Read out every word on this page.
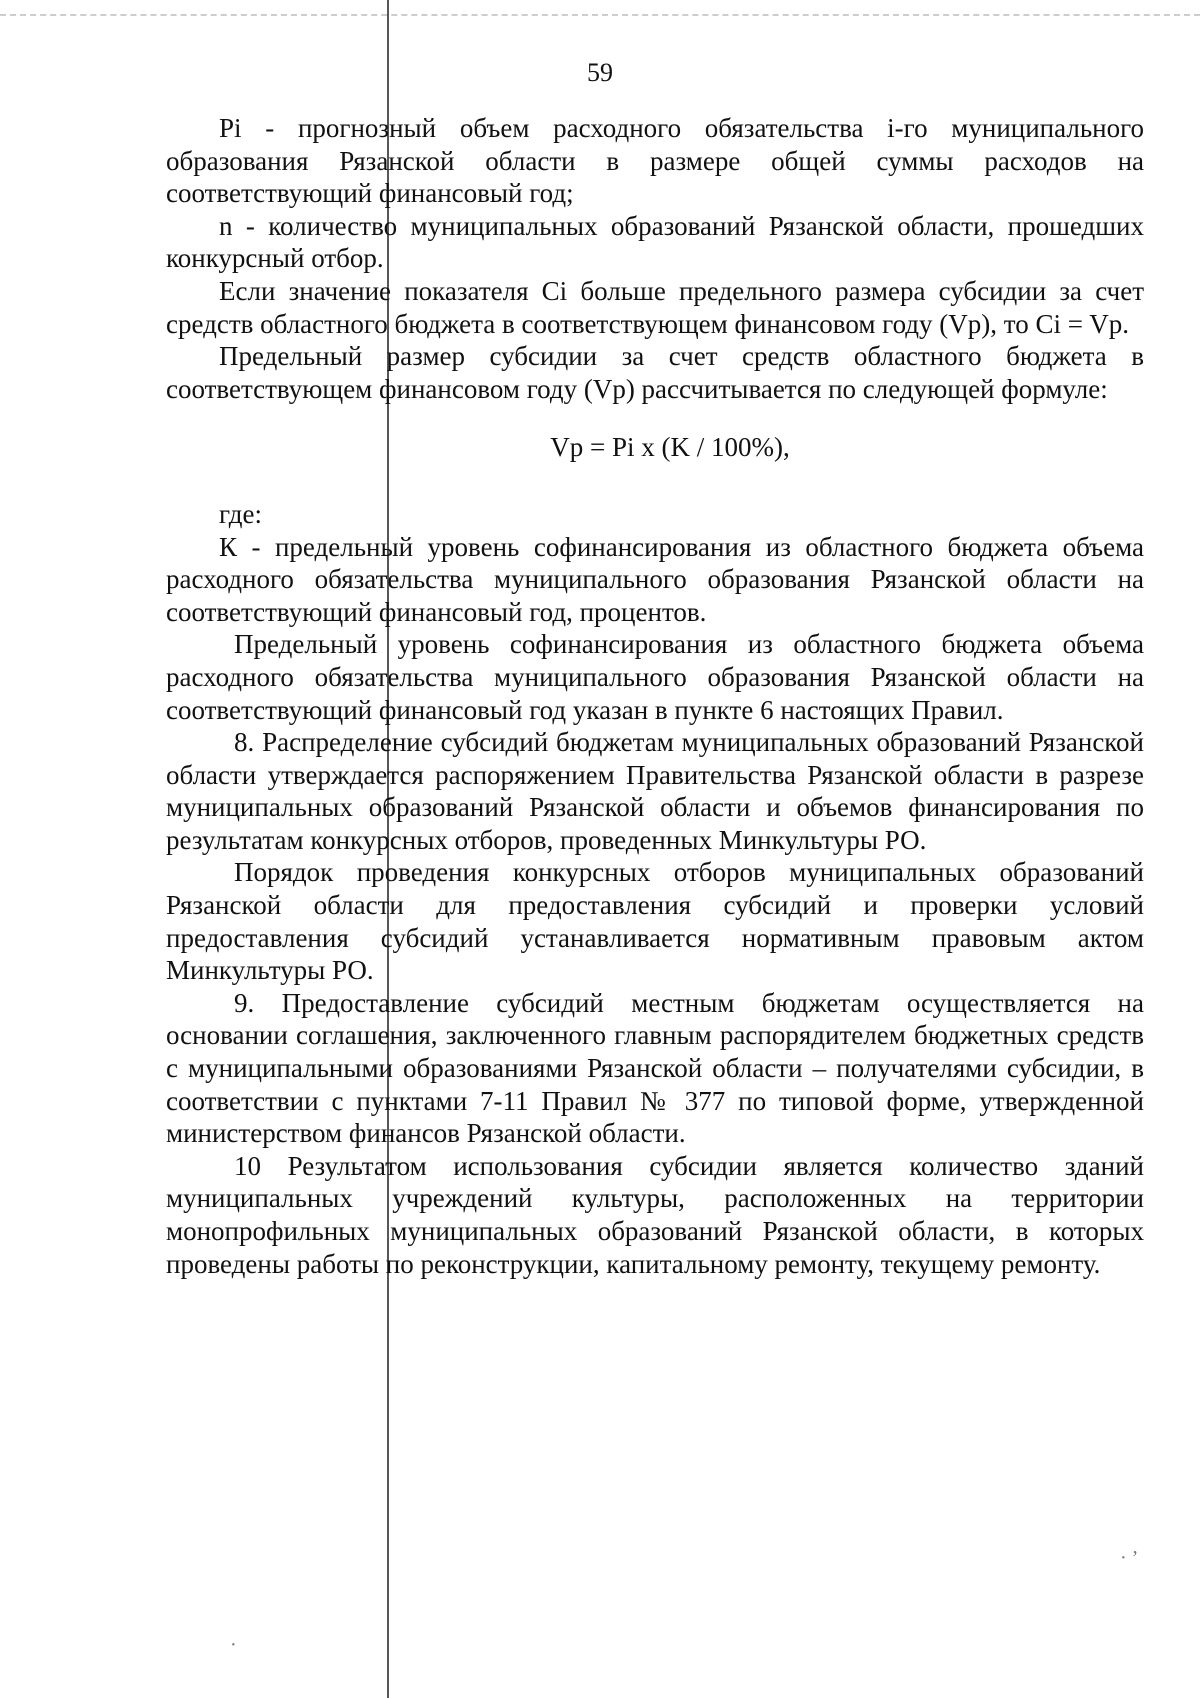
59

Pi - прогнозный объем расходного обязательства i-го муниципального образования Рязанской области в размере общей суммы расходов на соответствующий финансовый год;

n - количество муниципальных образований Рязанской области, прошедших конкурсный отбор.

Если значение показателя Ci больше предельного размера субсидии за счет средств областного бюджета в соответствующем финансовом году (Vp), то Ci = Vp.

Предельный размер субсидии за счет средств областного бюджета в соответствующем финансовом году (Vp) рассчитывается по следующей формуле:

Vp = Pi x (K / 100%),

где:

К - предельный уровень софинансирования из областного бюджета объема расходного обязательства муниципального образования Рязанской области на соответствующий финансовый год, процентов.

Предельный уровень софинансирования из областного бюджета объема расходного обязательства муниципального образования Рязанской области на соответствующий финансовый год указан в пункте 6 настоящих Правил.

8. Распределение субсидий бюджетам муниципальных образований Рязанской области утверждается распоряжением Правительства Рязанской области в разрезе муниципальных образований Рязанской области и объемов финансирования по результатам конкурсных отборов, проведенных Минкультуры РО.

Порядок проведения конкурсных отборов муниципальных образований Рязанской области для предоставления субсидий и проверки условий предоставления субсидий устанавливается нормативным правовым актом Минкультуры РО.

9. Предоставление субсидий местным бюджетам осуществляется на основании соглашения, заключенного главным распорядителем бюджетных средств с муниципальными образованиями Рязанской области – получателями субсидии, в соответствии с пунктами 7-11 Правил № 377 по типовой форме, утвержденной министерством финансов Рязанской области.

10 Результатом использования субсидии является количество зданий муниципальных учреждений культуры, расположенных на территории монопрофильных муниципальных образований Рязанской области, в которых проведены работы по реконструкции, капитальному ремонту, текущему ремонту.

· ’
·
